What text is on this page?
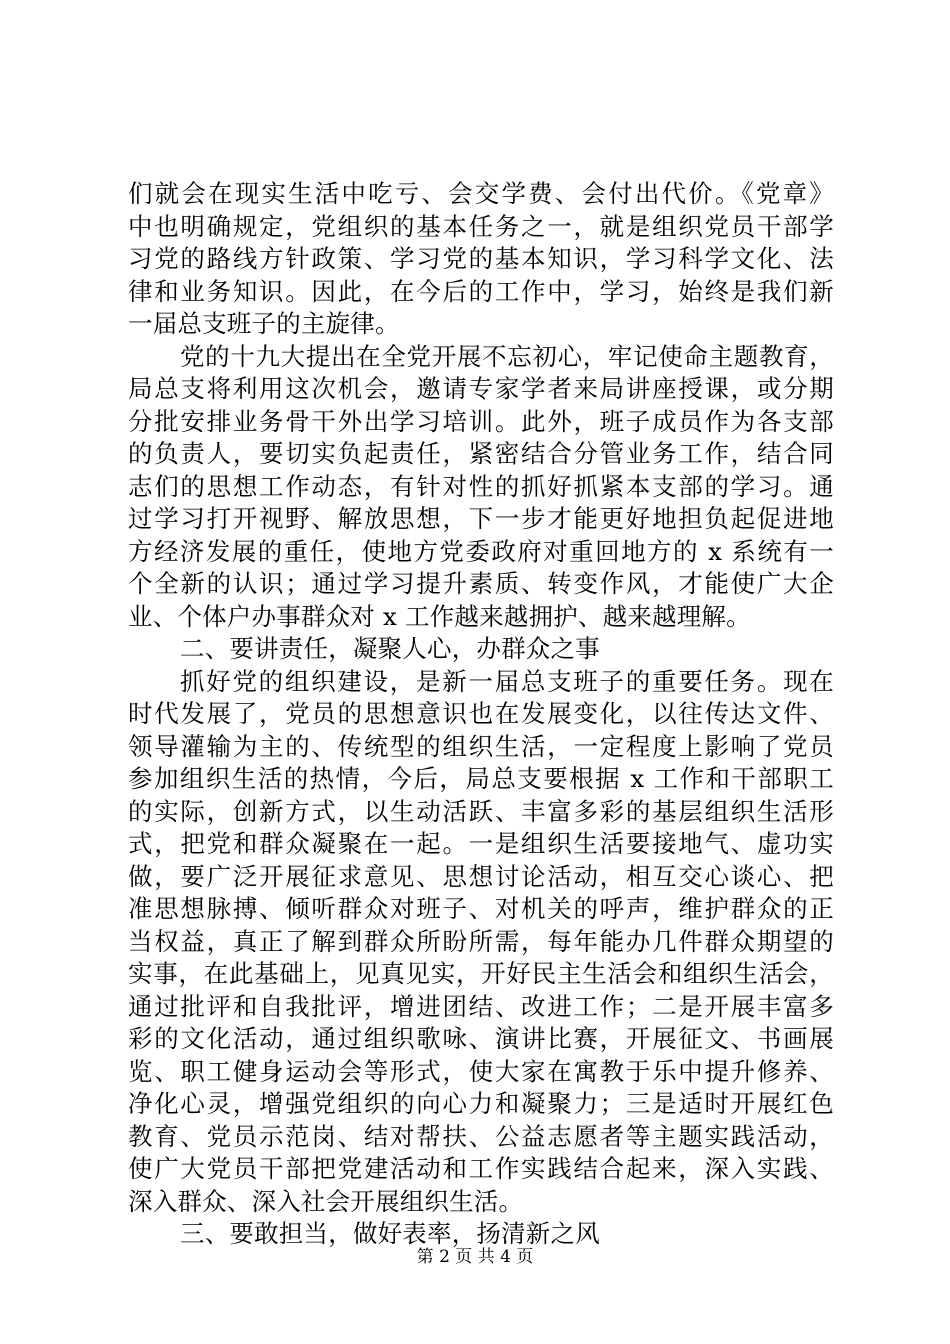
们就会在现实生活中吃亏、会交学费、会付出代价。《党章》
中也明确规定，党组织的基本任务之一，就是组织党员干部学
习党的路线方针政策、学习党的基本知识，学习科学文化、法
律和业务知识。因此，在今后的工作中，学习，始终是我们新
一届总支班子的主旋律。
党的十九大提出在全党开展不忘初心，牢记使命主题教育，
局总支将利用这次机会，邀请专家学者来局讲座授课，或分期
分批安排业务骨干外出学习培训。此外，班子成员作为各支部
的负责人，要切实负起责任，紧密结合分管业务工作，结合同
志们的思想工作动态，有针对性的抓好抓紧本支部的学习。通
过学习打开视野、解放思想，下一步才能更好地担负起促进地
方经济发展的重任，使地方党委政府对重回地方的 x 系统有一
个全新的认识；通过学习提升素质、转变作风，才能使广大企
业、个体户办事群众对 x 工作越来越拥护、越来越理解。
二、要讲责任，凝聚人心，办群众之事
抓好党的组织建设，是新一届总支班子的重要任务。现在
时代发展了，党员的思想意识也在发展变化，以往传达文件、
领导灌输为主的、传统型的组织生活，一定程度上影响了党员
参加组织生活的热情，今后，局总支要根据 x 工作和干部职工
的实际，创新方式，以生动活跃、丰富多彩的基层组织生活形
式，把党和群众凝聚在一起。一是组织生活要接地气、虚功实
做，要广泛开展征求意见、思想讨论活动，相互交心谈心、把
准思想脉搏、倾听群众对班子、对机关的呼声，维护群众的正
当权益，真正了解到群众所盼所需，每年能办几件群众期望的
实事，在此基础上，见真见实，开好民主生活会和组织生活会，
通过批评和自我批评，增进团结、改进工作；二是开展丰富多
彩的文化活动，通过组织歌咏、演讲比赛，开展征文、书画展
览、职工健身运动会等形式，使大家在寓教于乐中提升修养、
净化心灵，增强党组织的向心力和凝聚力；三是适时开展红色
教育、党员示范岗、结对帮扶、公益志愿者等主题实践活动，
使广大党员干部把党建活动和工作实践结合起来，深入实践、
深入群众、深入社会开展组织生活。
三、要敢担当，做好表率，扬清新之风
第 2 页 共 4 页
